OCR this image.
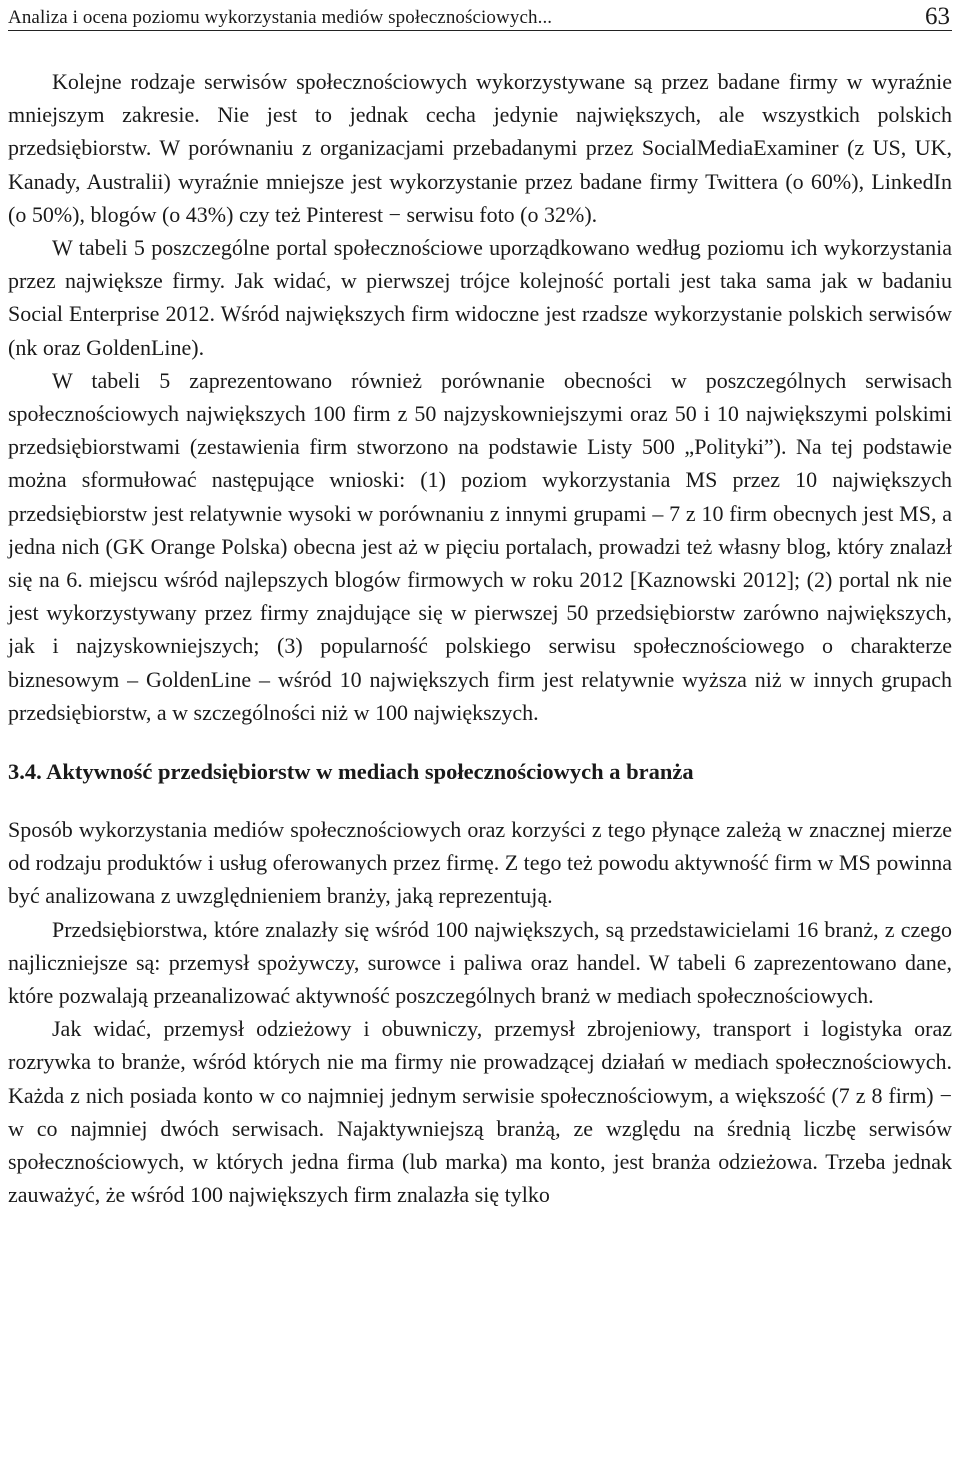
Analiza i ocena poziomu wykorzystania mediów społecznościowych...	63

Kolejne rodzaje serwisów społecznościowych wykorzystywane są przez badane firmy w wyraźnie mniejszym zakresie. Nie jest to jednak cecha jedynie największych, ale wszystkich polskich przedsiębiorstw. W porównaniu z organizacjami przebadanymi przez SocialMediaExaminer (z US, UK, Kanady, Australii) wyraźnie mniejsze jest wykorzystanie przez badane firmy Twittera (o 60%), LinkedIn (o 50%), blogów (o 43%) czy też Pinterest − serwisu foto (o 32%).

W tabeli 5 poszczególne portal społecznościowe uporządkowano według poziomu ich wykorzystania przez największe firmy. Jak widać, w pierwszej trójce kolejność portali jest taka sama jak w badaniu Social Enterprise 2012. Wśród największych firm widoczne jest rzadsze wykorzystanie polskich serwisów (nk oraz GoldenLine).

W tabeli 5 zaprezentowano również porównanie obecności w poszczególnych serwisach społecznościowych największych 100 firm z 50 najzyskowniejszymi oraz 50 i 10 największymi polskimi przedsiębiorstwami (zestawienia firm stworzono na podstawie Listy 500 „Polityki”). Na tej podstawie można sformułować następujące wnioski: (1) poziom wykorzystania MS przez 10 największych przedsiębiorstw jest relatywnie wysoki w porównaniu z innymi grupami – 7 z 10 firm obecnych jest MS, a jedna nich (GK Orange Polska) obecna jest aż w pięciu portalach, prowadzi też własny blog, który znalazł się na 6. miejscu wśród najlepszych blogów firmowych w roku 2012 [Kaznowski 2012]; (2) portal nk nie jest wykorzystywany przez firmy znajdujące się w pierwszej 50 przedsiębiorstw zarówno największych, jak i najzyskowniejszych; (3) popularność polskiego serwisu społecznościowego o charakterze biznesowym – GoldenLine – wśród 10 największych firm jest relatywnie wyższa niż w innych grupach przedsiębiorstw, a w szczególności niż w 100 największych.

3.4. Aktywność przedsiębiorstw w mediach społecznościowych a branża

Sposób wykorzystania mediów społecznościowych oraz korzyści z tego płynące zależą w znacznej mierze od rodzaju produktów i usług oferowanych przez firmę. Z tego też powodu aktywność firm w MS powinna być analizowana z uwzględnieniem branży, jaką reprezentują.

Przedsiębiorstwa, które znalazły się wśród 100 największych, są przedstawicielami 16 branż, z czego najliczniejsze są: przemysł spożywczy, surowce i paliwa oraz handel. W tabeli 6 zaprezentowano dane, które pozwalają przeanalizować aktywność poszczególnych branż w mediach społecznościowych.

Jak widać, przemysł odzieżowy i obuwniczy, przemysł zbrojeniowy, transport i logistyka oraz rozrywka to branże, wśród których nie ma firmy nie prowadzącej działań w mediach społecznościowych. Każda z nich posiada konto w co najmniej jednym serwisie społecznościowym, a większość (7 z 8 firm) − w co najmniej dwóch serwisach. Najaktywniejszą branżą, ze względu na średnią liczbę serwisów społecznościowych, w których jedna firma (lub marka) ma konto, jest branża odzieżowa. Trzeba jednak zauważyć, że wśród 100 największych firm znalazła się tylko
